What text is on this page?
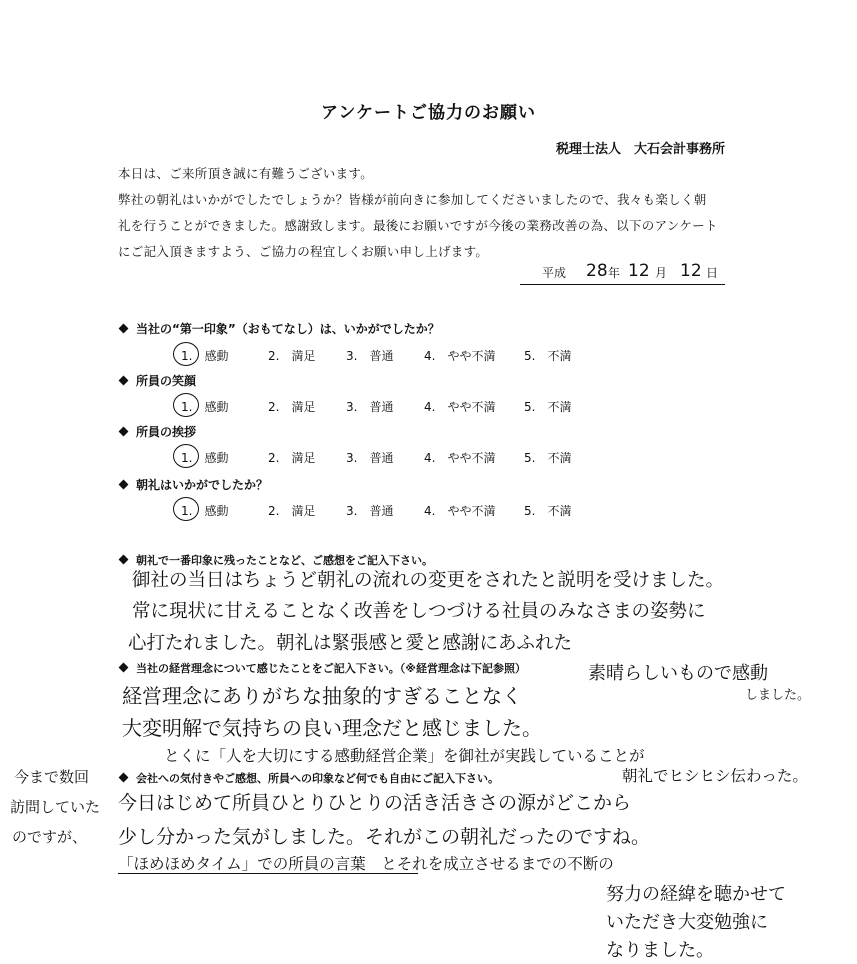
アンケートご協力のお願い
税理士法人　大石会計事務所
本日は、ご来所頂き誠に有難うございます。
弊社の朝礼はいかがでしたでしょうか？皆様が前向きに参加してくださいましたので、我々も楽しく朝
礼を行うことができました。感謝致します。最後にお願いですが今後の業務改善の為、以下のアンケート
にご記入頂きますよう、ご協力の程宜しくお願い申し上げます。
平成 28 年 12 月 12 日
当社の“第一印象”（おもてなし）は、いかがでしたか？
1.　感動	2.　満足	3.　普通	4.　やや不満 5.　不満
所員の笑顔
1.　感動	2.　満足	3.　普通	4.　やや不満 5.　不満
所員の挨拶
1.　感動	2.　満足	3.　普通	4.　やや不満 5.　不満
朝礼はいかがでしたか？
1.　感動	2.　満足	3.　普通	4.　やや不満 5.　不満
朝礼で一番印象に残ったことなど、ご感想をご記入下さい。
御社の当日はちょうど朝礼の流れの変更をされたと説明を受けました。
常に現状に甘えることなく改善をしつづける社員のみなさまの姿勢に
心打たれました。朝礼は緊張感と愛と感謝にあふれた
素晴らしいもので感動
しました。
当社の経営理念について感じたことをご記入下さい。（※経営理念は下記参照）
経営理念にありがちな抽象的すぎることなく
大変明解で気持ちの良い理念だと感じました。
とくに「人を大切にする感動経営企業」を御社が実践していることが
朝礼でヒシヒシ伝わった。
今まで数回
訪問していた
のですが、
会社への気付きやご感想、所員への印象など何でも自由にご記入下さい。
今日はじめて所員ひとりひとりの活き活きさの源がどこから
少し分かった気がしました。それがこの朝礼だったのですね。
「ほめほめタイム」での所員の言葉　とそれを成立させるまでの不断の
努力の経緯を聴かせて
いただき大変勉強に
なりました。
